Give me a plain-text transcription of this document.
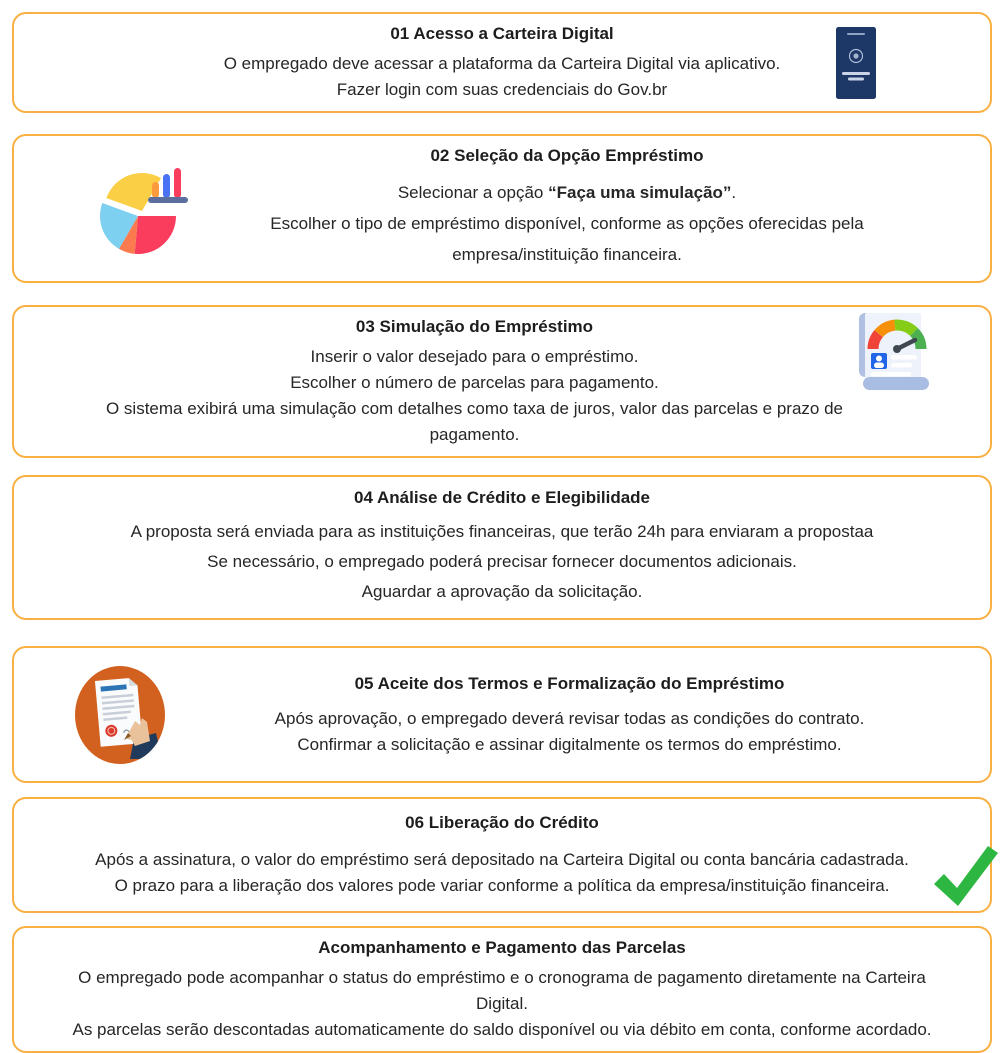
01 Acesso a Carteira Digital
O empregado deve acessar a plataforma da Carteira Digital via aplicativo.
Fazer login com suas credenciais do Gov.br
02 Seleção da Opção Empréstimo
Selecionar a opção “Faça uma simulação”.
Escolher o tipo de empréstimo disponível, conforme as opções oferecidas pela
empresa/instituição financeira.
03 Simulação do Empréstimo
Inserir o valor desejado para o empréstimo.
Escolher o número de parcelas para pagamento.
O sistema exibirá uma simulação com detalhes como taxa de juros, valor das parcelas e prazo de
pagamento.
04 Análise de Crédito e Elegibilidade
A proposta será enviada para as instituições financeiras, que terão 24h para enviaram a propostaa
Se necessário, o empregado poderá precisar fornecer documentos adicionais.
Aguardar a aprovação da solicitação.
05 Aceite dos Termos e Formalização do Empréstimo
Após aprovação, o empregado deverá revisar todas as condições do contrato.
Confirmar a solicitação e assinar digitalmente os termos do empréstimo.
06 Liberação do Crédito
Após a assinatura, o valor do empréstimo será depositado na Carteira Digital ou conta bancária cadastrada.
O prazo para a liberação dos valores pode variar conforme a política da empresa/instituição financeira.
Acompanhamento e Pagamento das Parcelas
O empregado pode acompanhar o status do empréstimo e o cronograma de pagamento diretamente na Carteira
Digital.
As parcelas serão descontadas automaticamente do saldo disponível ou via débito em conta, conforme acordado.
